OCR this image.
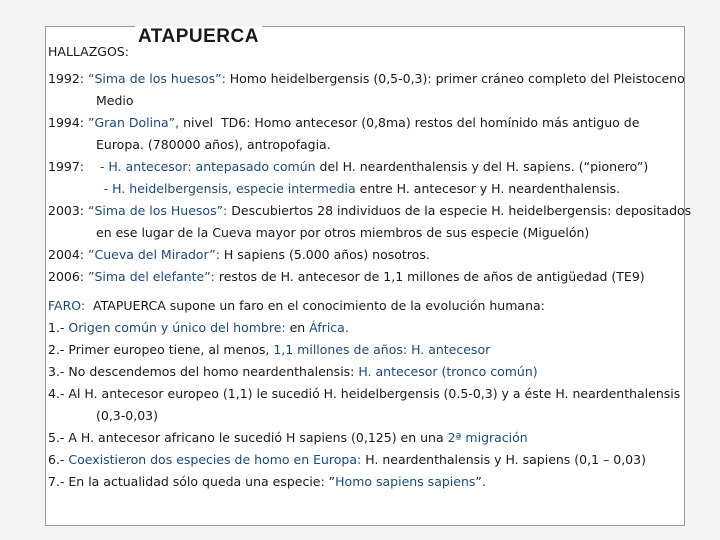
ATAPUERCA
HALLAZGOS:
1992: “Sima de los huesos”: Homo heidelbergensis (0,5-0,3): primer cráneo completo del Pleistoceno
Medio
1994: ”Gran Dolina”, nivel  TD6: Homo antecesor (0,8ma) restos del homínido más antiguo de
Europa. (780000 años), antropofagia.
1997:    - H. antecesor: antepasado común del H. neardenthalensis y del H. sapiens. (“pionero”)
- H. heidelbergensis, especie intermedia entre H. antecesor y H. neardenthalensis.
2003: “Sima de los Huesos”: Descubiertos 28 individuos de la especie H. heidelbergensis: depositados
en ese lugar de la Cueva mayor por otros miembros de sus especie (Miguelón)
2004: ”Cueva del Mirador”: H sapiens (5.000 años) nosotros.
2006: ”Sima del elefante”: restos de H. antecesor de 1,1 millones de años de antigüedad (TE9)
FARO:  ATAPUERCA supone un faro en el conocimiento de la evolución humana:
1.- Origen común y único del hombre: en África.
2.- Primer europeo tiene, al menos, 1,1 millones de años: H. antecesor
3.- No descendemos del homo neardenthalensis: H. antecesor (tronco común)
4.- Al H. antecesor europeo (1,1) le sucedió H. heidelbergensis (0.5-0,3) y a éste H. neardenthalensis
(0,3-0,03)
5.- A H. antecesor africano le sucedió H sapiens (0,125) en una 2ª migración
6.- Coexistieron dos especies de homo en Europa: H. neardenthalensis y H. sapiens (0,1 – 0,03)
7.- En la actualidad sólo queda una especie: ”Homo sapiens sapiens”.
